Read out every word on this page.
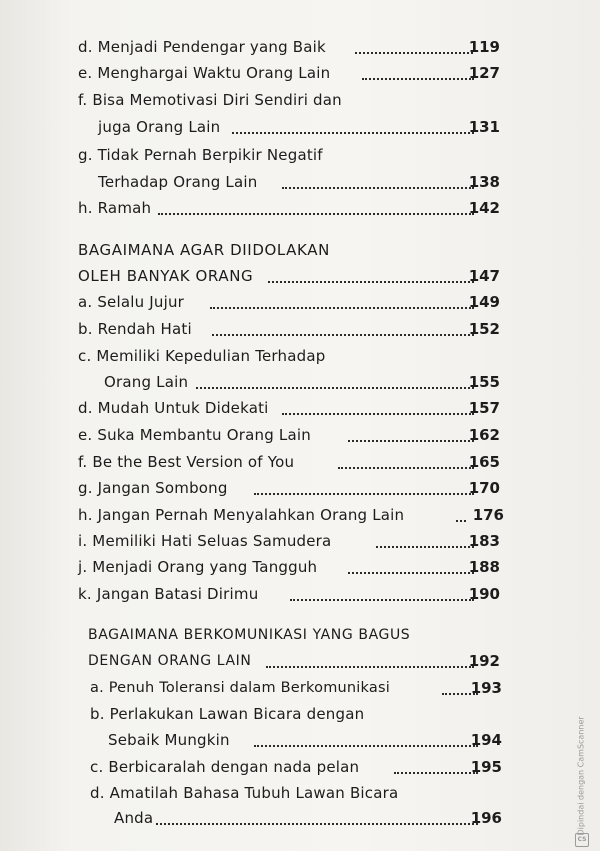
d. Menjadi Pendengar yang Baik	119
e. Menghargai Waktu Orang Lain	127
f. Bisa Memotivasi Diri Sendiri dan
juga Orang Lain	131
g. Tidak Pernah Berpikir Negatif
Terhadap Orang Lain	138
h. Ramah	142
BAGAIMANA AGAR DIIDOLAKAN
OLEH BANYAK ORANG	147
a. Selalu Jujur	149
b. Rendah Hati	152
c. Memiliki Kepedulian Terhadap
Orang Lain	155
d. Mudah Untuk Didekati	157
e. Suka Membantu Orang Lain	162
f. Be the Best Version of You	165
g. Jangan Sombong	170
h. Jangan Pernah Menyalahkan Orang Lain	176
i. Memiliki Hati Seluas Samudera	183
j. Menjadi Orang yang Tangguh	188
k. Jangan Batasi Dirimu	190
BAGAIMANA BERKOMUNIKASI YANG BAGUS
DENGAN ORANG LAIN	192
a. Penuh Toleransi dalam Berkomunikasi	193
b. Perlakukan Lawan Bicara dengan
Sebaik Mungkin	194
c. Berbicaralah dengan nada pelan	195
d. Amatilah Bahasa Tubuh Lawan Bicara
Anda	196	Dipindai dengan CamScanner
CS
